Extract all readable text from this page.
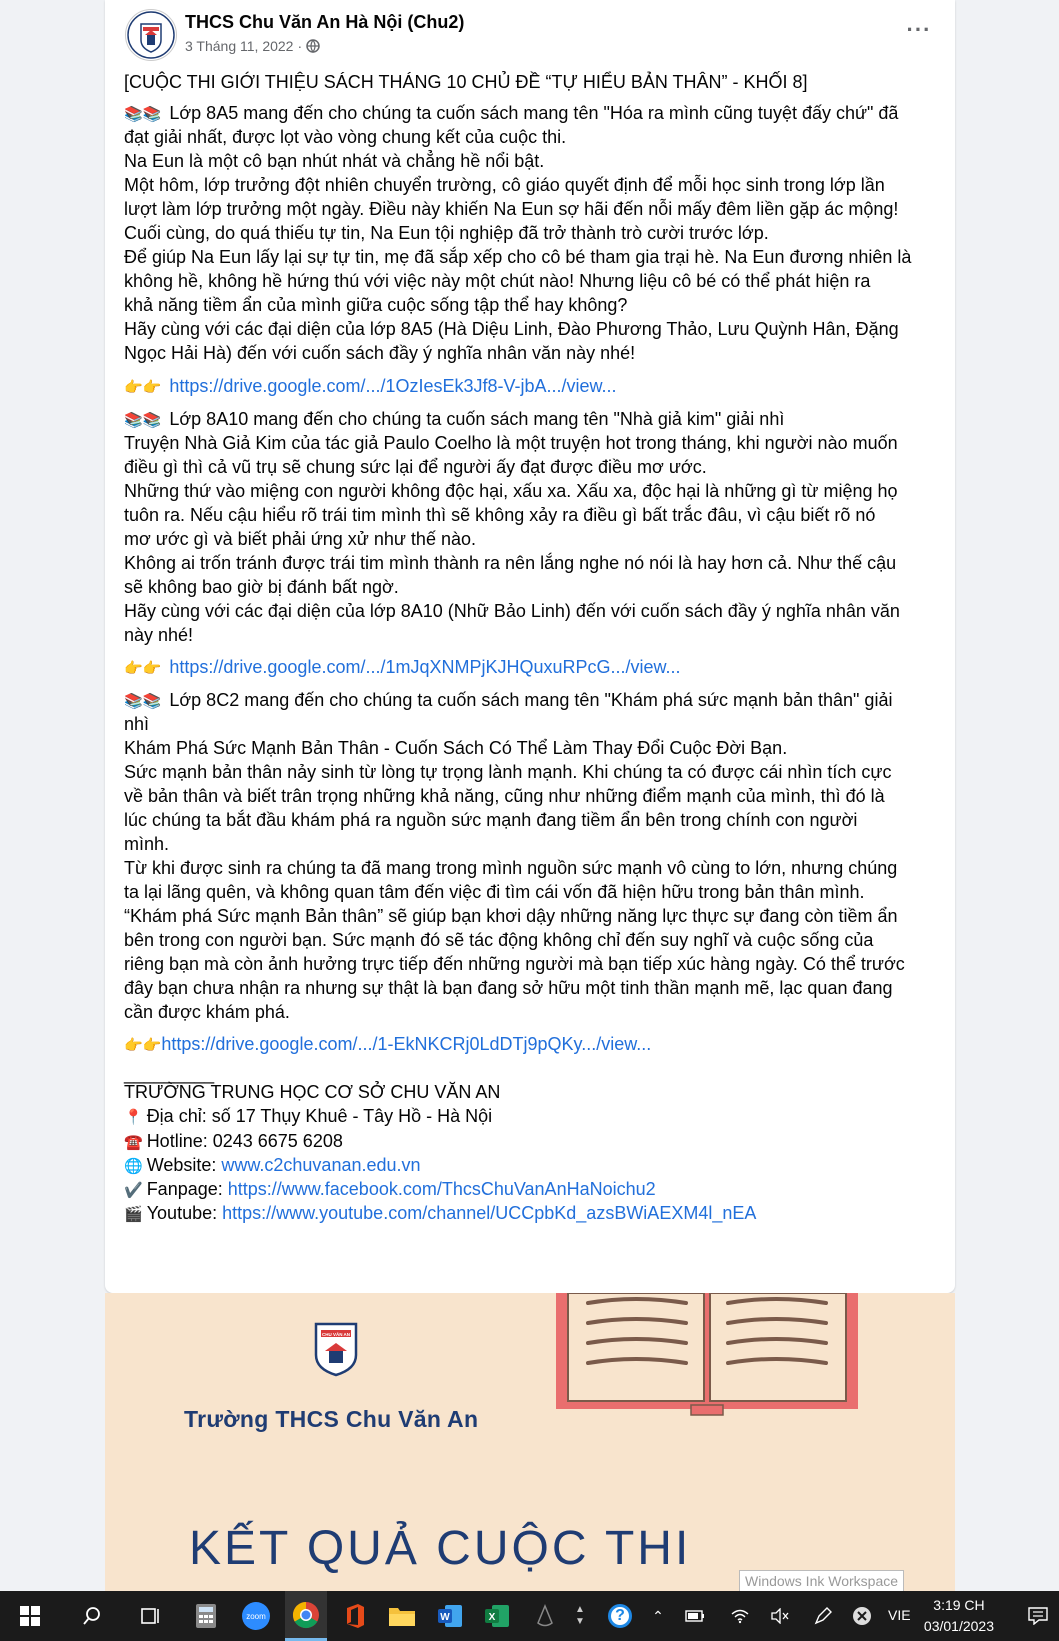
THCS Chu Văn An Hà Nội (Chu2)
3 Tháng 11, 2022 ·
···
[CUỘC THI GIỚI THIỆU SÁCH THÁNG 10 CHỦ ĐỀ “TỰ HIỂU BẢN THÂN” - KHỐI 8]
📚📚 Lớp 8A5 mang đến cho chúng ta cuốn sách mang tên "Hóa ra mình cũng tuyệt đấy chứ" đã
đạt giải nhất, được lọt vào vòng chung kết của cuộc thi.
Na Eun là một cô bạn nhút nhát và chẳng hề nổi bật.
Một hôm, lớp trưởng đột nhiên chuyển trường, cô giáo quyết định để mỗi học sinh trong lớp lần
lượt làm lớp trưởng một ngày. Điều này khiến Na Eun sợ hãi đến nỗi mấy đêm liền gặp ác mộng!
Cuối cùng, do quá thiếu tự tin, Na Eun tội nghiệp đã trở thành trò cười trước lớp.
Để giúp Na Eun lấy lại sự tự tin, mẹ đã sắp xếp cho cô bé tham gia trại hè. Na Eun đương nhiên là
không hề, không hề hứng thú với việc này một chút nào! Nhưng liệu cô bé có thể phát hiện ra
khả năng tiềm ẩn của mình giữa cuộc sống tập thể hay không?
Hãy cùng với các đại diện của lớp 8A5 (Hà Diệu Linh, Đào Phương Thảo, Lưu Quỳnh Hân, Đặng
Ngọc Hải Hà) đến với cuốn sách đầy ý nghĩa nhân văn này nhé!
👉👉 https://drive.google.com/.../1OzIesEk3Jf8-V-jbA.../view...
📚📚 Lớp 8A10 mang đến cho chúng ta cuốn sách mang tên "Nhà giả kim" giải nhì
Truyện Nhà Giả Kim của tác giả Paulo Coelho là một truyện hot trong tháng, khi người nào muốn
điều gì thì cả vũ trụ sẽ chung sức lại để người ấy đạt được điều mơ ước.
Những thứ vào miệng con người không độc hại, xấu xa. Xấu xa, độc hại là những gì từ miệng họ
tuôn ra. Nếu cậu hiểu rõ trái tim mình thì sẽ không xảy ra điều gì bất trắc đâu, vì cậu biết rõ nó
mơ ước gì và biết phải ứng xử như thế nào.
Không ai trốn tránh được trái tim mình thành ra nên lắng nghe nó nói là hay hơn cả. Như thế cậu
sẽ không bao giờ bị đánh bất ngờ.
Hãy cùng với các đại diện của lớp 8A10 (Nhữ Bảo Linh) đến với cuốn sách đầy ý nghĩa nhân văn
này nhé!
👉👉 https://drive.google.com/.../1mJqXNMPjKJHQuxuRPcG.../view...
📚📚 Lớp 8C2 mang đến cho chúng ta cuốn sách mang tên "Khám phá sức mạnh bản thân" giải
nhì
Khám Phá Sức Mạnh Bản Thân - Cuốn Sách Có Thể Làm Thay Đổi Cuộc Đời Bạn.
Sức mạnh bản thân nảy sinh từ lòng tự trọng lành mạnh. Khi chúng ta có được cái nhìn tích cực
về bản thân và biết trân trọng những khả năng, cũng như những điểm mạnh của mình, thì đó là
lúc chúng ta bắt đầu khám phá ra nguồn sức mạnh đang tiềm ẩn bên trong chính con người
mình.
Từ khi được sinh ra chúng ta đã mang trong mình nguồn sức mạnh vô cùng to lớn, nhưng chúng
ta lại lãng quên, và không quan tâm đến việc đi tìm cái vốn đã hiện hữu trong bản thân mình.
“Khám phá Sức mạnh Bản thân” sẽ giúp bạn khơi dậy những năng lực thực sự đang còn tiềm ẩn
bên trong con người bạn. Sức mạnh đó sẽ tác động không chỉ đến suy nghĩ và cuộc sống của
riêng bạn mà còn ảnh hưởng trực tiếp đến những người mà bạn tiếp xúc hàng ngày. Có thể trước
đây bạn chưa nhận ra nhưng sự thật là bạn đang sở hữu một tinh thần mạnh mẽ, lạc quan đang
cần được khám phá.
👉👉https://drive.google.com/.../1-EkNKCRj0LdDTj9pQKy.../view...
_________
TRƯỜNG TRUNG HỌC CƠ SỞ CHU VĂN AN
📍 Địa chỉ: số 17 Thụy Khuê - Tây Hồ - Hà Nội
☎️ Hotline: 0243 6675 6208
🌐 Website: www.c2chuvanan.edu.vn
✔️ Fanpage: https://www.facebook.com/ThcsChuVanAnHaNoichu2
🎬 Youtube: https://www.youtube.com/channel/UCCpbKd_azsBWiAEXM4l_nEA
CHU VĂN AN
Trường THCS Chu Văn An
KẾT QUẢ CUỘC THI
Windows Ink Workspace
zoom	W	X
▲
▼	?	⌃	VIE
3:19 CH
03/01/2023
